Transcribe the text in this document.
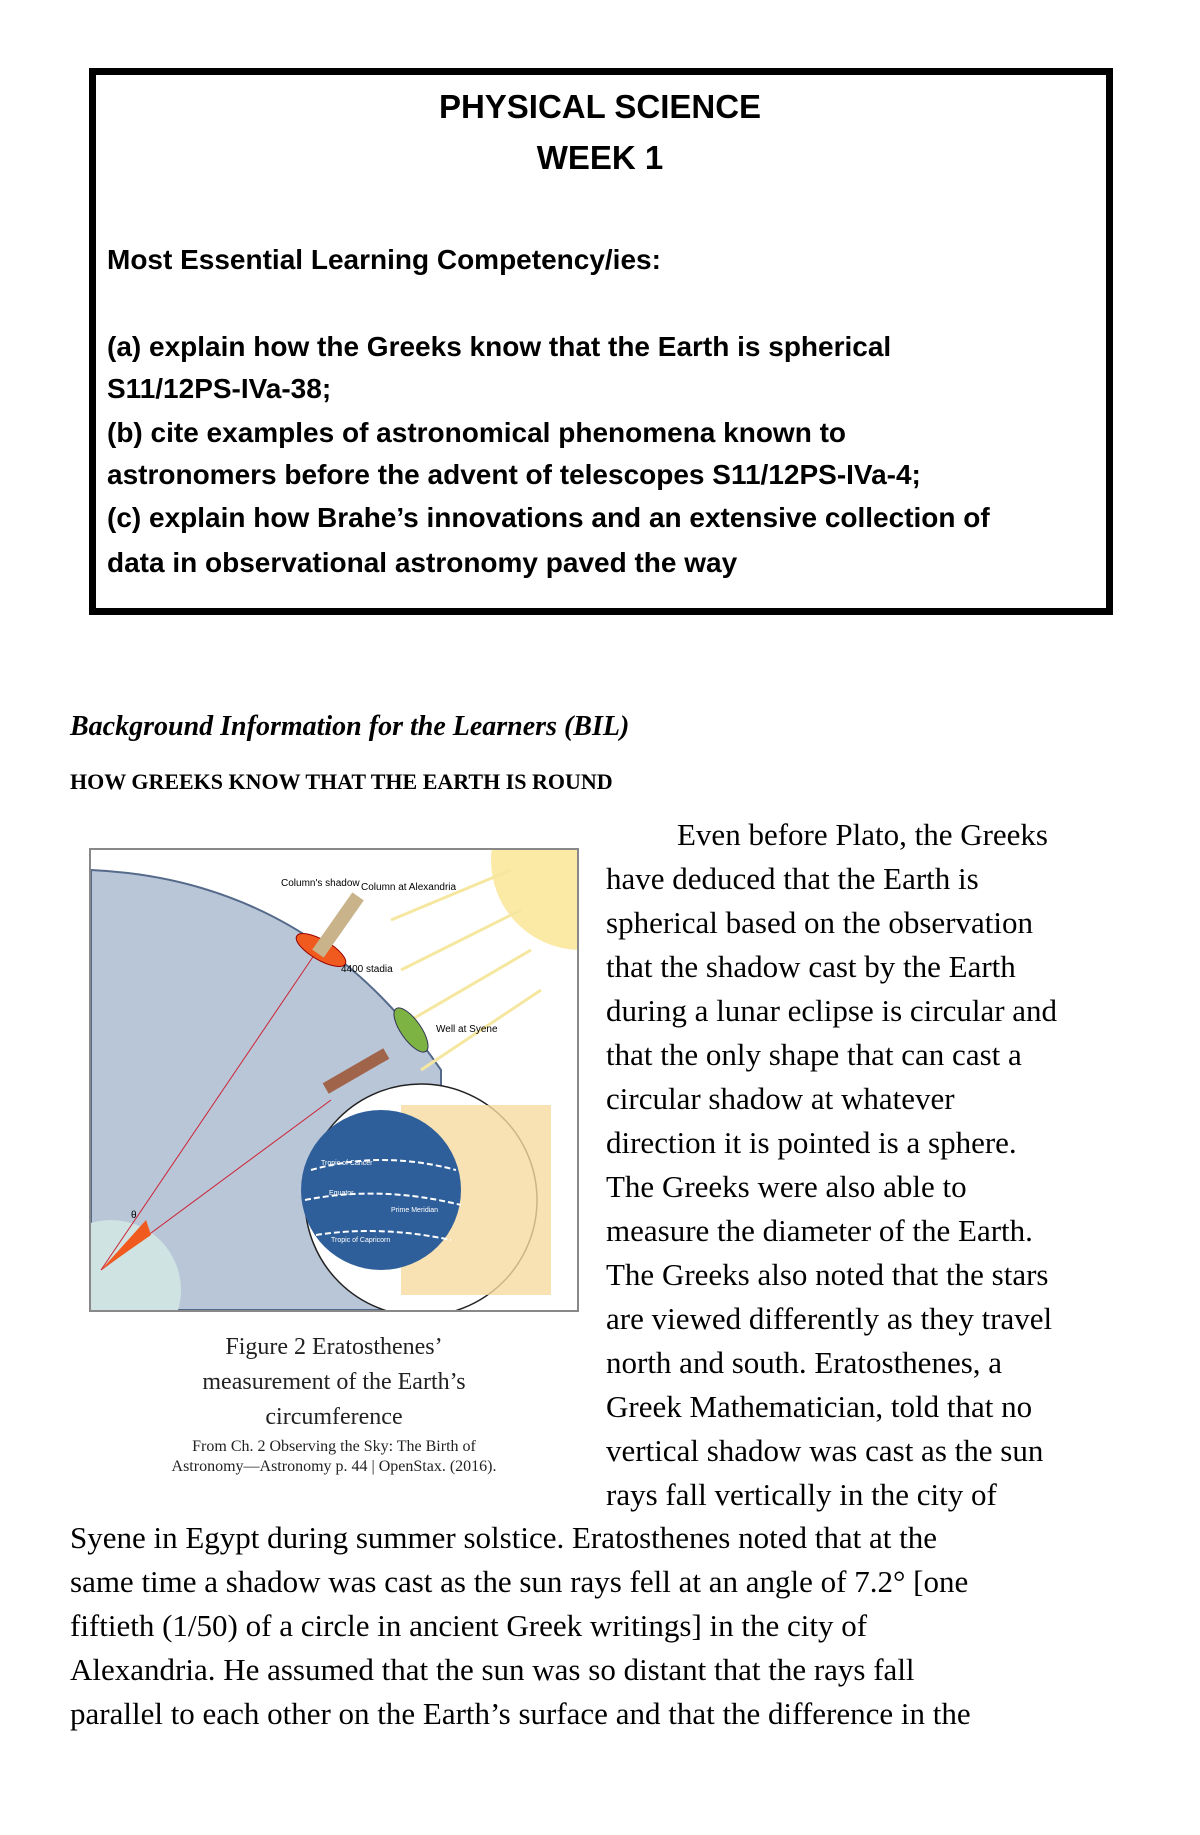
PHYSICAL SCIENCE
WEEK 1
Most Essential Learning Competency/ies:
(a) explain how the Greeks know that the Earth is spherical
S11/12PS-IVa-38;
(b) cite examples of astronomical phenomena known to
astronomers before the advent of telescopes S11/12PS-IVa-4;
(c) explain how Brahe’s innovations and an extensive collection of
data in observational astronomy paved the way
Background Information for the Learners (BIL)
HOW GREEKS KNOW THAT THE EARTH IS ROUND
θ
Column's shadow Column at Alexandria
4400 stadia
Well at Syene
Tropic of Cancer
Equator
Prime Meridian
Tropic of Capricorn
Figure 2 Eratosthenes’
measurement of the Earth’s
circumference
From Ch. 2 Observing the Sky: The Birth of
Astronomy—Astronomy p. 44 | OpenStax. (2016).
Even before Plato, the Greeks
have deduced that the Earth is
spherical based on the observation
that the shadow cast by the Earth
during a lunar eclipse is circular and
that the only shape that can cast a
circular shadow at whatever
direction it is pointed is a sphere.
The Greeks were also able to
measure the diameter of the Earth.
The Greeks also noted that the stars
are viewed differently as they travel
north and south. Eratosthenes, a
Greek Mathematician, told that no
vertical shadow was cast as the sun
rays fall vertically in the city of
Syene in Egypt during summer solstice. Eratosthenes noted that at the
same time a shadow was cast as the sun rays fell at an angle of 7.2° [one
fiftieth (1/50) of a circle in ancient Greek writings] in the city of
Alexandria. He assumed that the sun was so distant that the rays fall
parallel to each other on the Earth’s surface and that the difference in the
